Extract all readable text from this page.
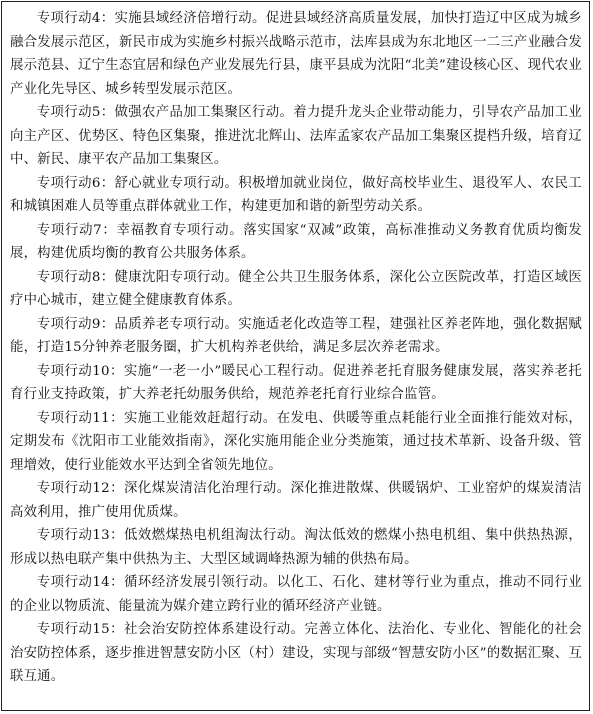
专项行动4：实施县域经济倍增行动。促进县域经济高质量发展，加快打造辽中区成为城乡融合发展示范区，新民市成为实施乡村振兴战略示范市，法库县成为东北地区一二三产业融合发展示范县、辽宁生态宜居和绿色产业发展先行县，康平县成为沈阳“北美”建设核心区、现代农业产业化先导区、城乡转型发展示范区。

专项行动5：做强农产品加工集聚区行动。着力提升龙头企业带动能力，引导农产品加工业向主产区、优势区、特色区集聚，推进沈北辉山、法库孟家农产品加工集聚区提档升级，培育辽中、新民、康平农产品加工集聚区。

专项行动6：舒心就业专项行动。积极增加就业岗位，做好高校毕业生、退役军人、农民工和城镇困难人员等重点群体就业工作，构建更加和谐的新型劳动关系。

专项行动7：幸福教育专项行动。落实国家“双减”政策，高标准推动义务教育优质均衡发展，构建优质均衡的教育公共服务体系。

专项行动8：健康沈阳专项行动。健全公共卫生服务体系，深化公立医院改革，打造区域医疗中心城市，建立健全健康教育体系。

专项行动9：品质养老专项行动。实施适老化改造等工程，建强社区养老阵地，强化数据赋能，打造15分钟养老服务圈，扩大机构养老供给，满足多层次养老需求。

专项行动10：实施“一老一小”暖民心工程行动。促进养老托育服务健康发展，落实养老托育行业支持政策，扩大养老托幼服务供给，规范养老托育行业综合监管。

专项行动11：实施工业能效赶超行动。在发电、供暖等重点耗能行业全面推行能效对标，定期发布《沈阳市工业能效指南》，深化实施用能企业分类施策，通过技术革新、设备升级、管理增效，使行业能效水平达到全省领先地位。

专项行动12：深化煤炭清洁化治理行动。深化推进散煤、供暖锅炉、工业窑炉的煤炭清洁高效利用，推广使用优质煤。

专项行动13：低效燃煤热电机组淘汰行动。淘汰低效的燃煤小热电机组、集中供热热源，形成以热电联产集中供热为主、大型区域调峰热源为辅的供热布局。

专项行动14：循环经济发展引领行动。以化工、石化、建材等行业为重点，推动不同行业的企业以物质流、能量流为媒介建立跨行业的循环经济产业链。

专项行动15：社会治安防控体系建设行动。完善立体化、法治化、专业化、智能化的社会治安防控体系，逐步推进智慧安防小区（村）建设，实现与部级“智慧安防小区”的数据汇聚、互联互通。
